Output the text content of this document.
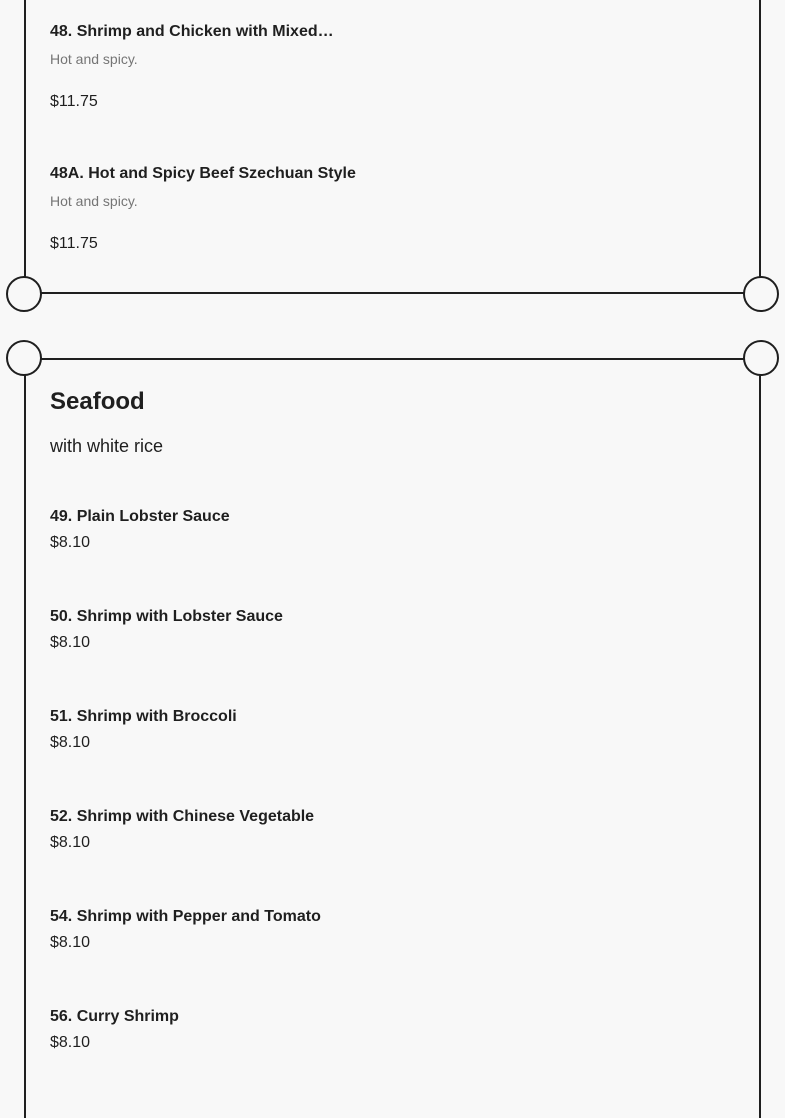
48. Shrimp and Chicken with Mixed…
Hot and spicy.
$11.75
48A. Hot and Spicy Beef Szechuan Style
Hot and spicy.
$11.75
Seafood
with white rice
49. Plain Lobster Sauce
$8.10
50. Shrimp with Lobster Sauce
$8.10
51. Shrimp with Broccoli
$8.10
52. Shrimp with Chinese Vegetable
$8.10
54. Shrimp with Pepper and Tomato
$8.10
56. Curry Shrimp
$8.10
